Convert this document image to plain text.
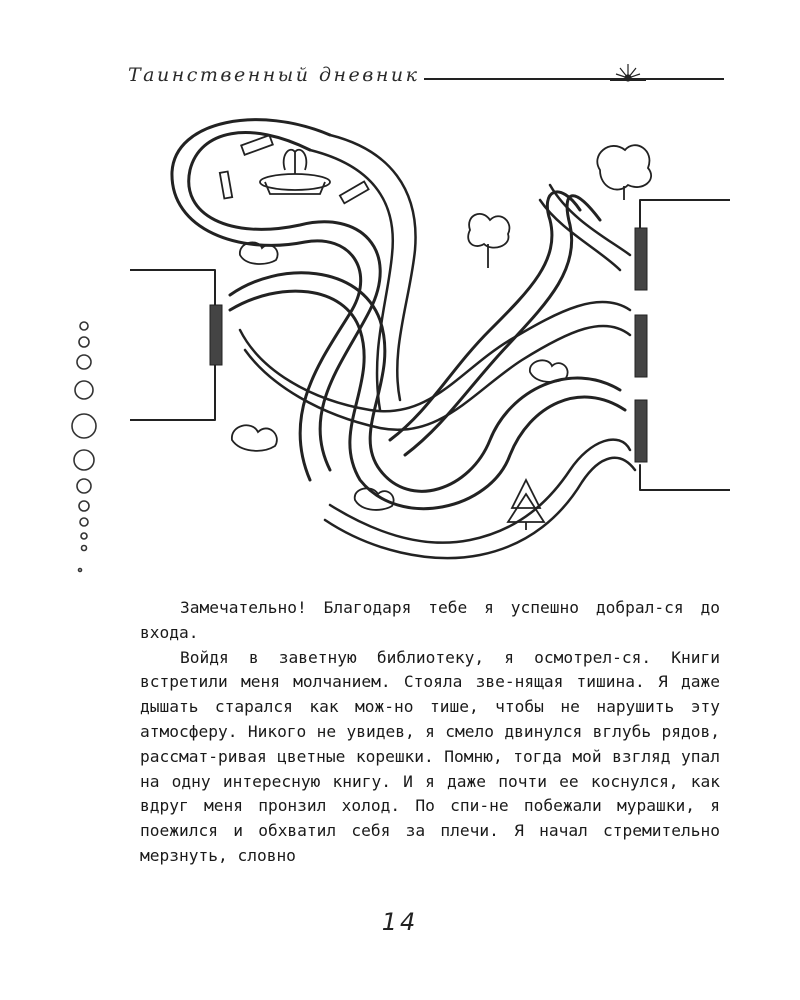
Таинственный дневник

Замечательно! Благодаря тебе я успешно добрал-ся до входа.

Войдя в заветную библиотеку, я осмотрел-ся. Книги встретили меня молчанием. Стояла зве-нящая тишина. Я даже дышать старался как мож-но тише, чтобы не нарушить эту атмосферу. Никого не увидев, я смело двинулся вглубь рядов, рассмат-ривая цветные корешки. Помню, тогда мой взгляд упал на одну интересную книгу. И я даже почти ее коснулся, как вдруг меня пронзил холод. По спи-не побежали мурашки, я поежился и обхватил себя за плечи. Я начал стремительно мерзнуть, словно

14
